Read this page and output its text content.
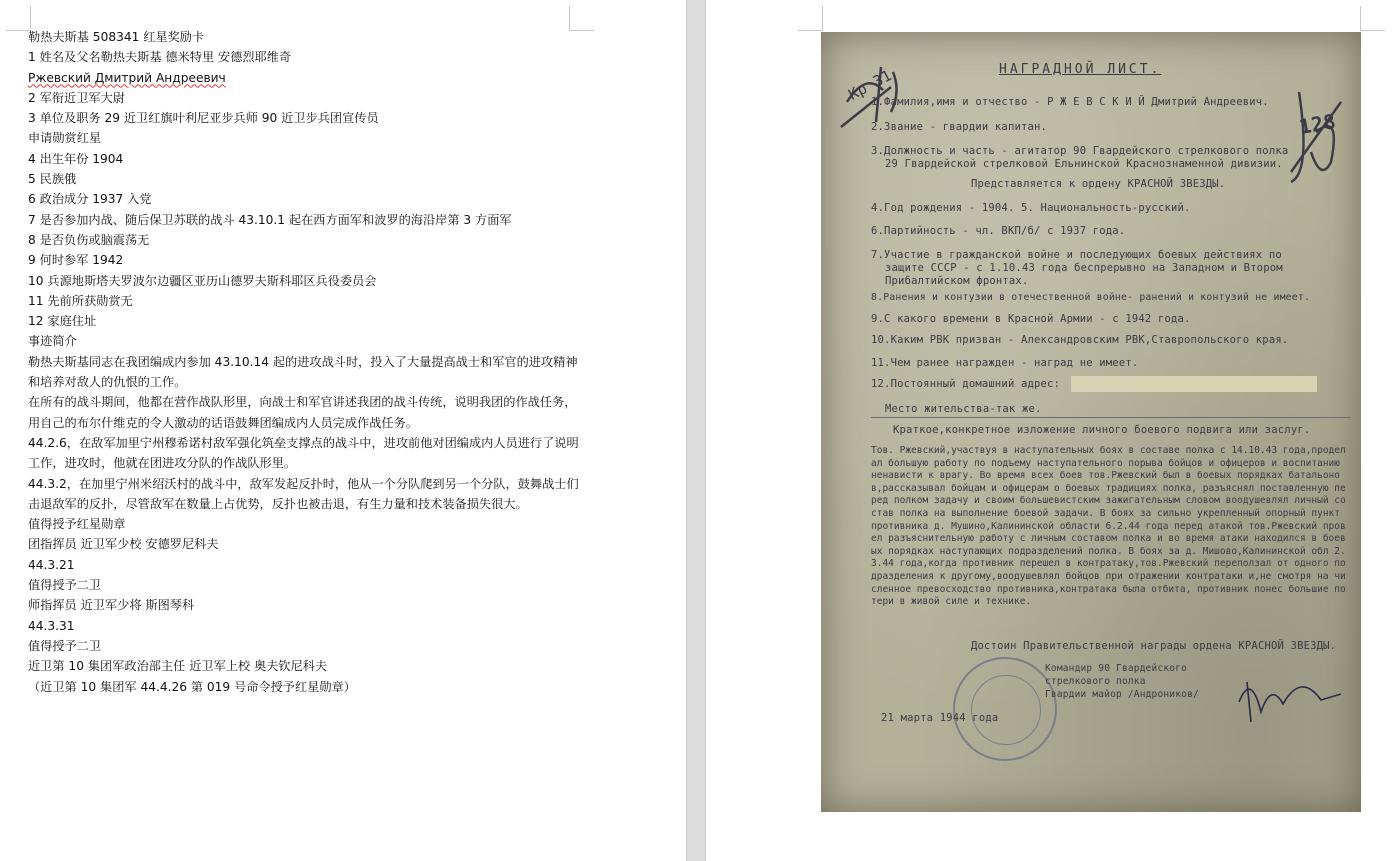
勒热夫斯基 508341 红星奖励卡
1 姓名及父名勒热夫斯基 德米特里 安德烈耶维奇
Ржевский Дмитрий Андреевич
2 军衔近卫军大尉
3 单位及职务 29 近卫红旗叶利尼亚步兵师 90 近卫步兵团宣传员
申请勋赏红星
4 出生年份 1904
5 民族俄
6 政治成分 1937 入党
7 是否参加内战、随后保卫苏联的战斗 43.10.1 起在西方面军和波罗的海沿岸第 3 方面军
8 是否负伤或脑震荡无
9 何时参军 1942
10 兵源地斯塔夫罗波尔边疆区亚历山德罗夫斯科耶区兵役委员会
11 先前所获勋赏无
12 家庭住址
事迹简介
勒热夫斯基同志在我团编成内参加 43.10.14 起的进攻战斗时，投入了大量提高战士和军官的进攻精神和培养对敌人的仇恨的工作。
在所有的战斗期间，他都在营作战队形里，向战士和军官讲述我团的战斗传统，说明我团的作战任务，用自己的布尔什维克的令人激动的话语鼓舞团编成内人员完成作战任务。
44.2.6，在敌军加里宁州穆希诺村敌军强化筑垒支撑点的战斗中，进攻前他对团编成内人员进行了说明工作，进攻时，他就在团进攻分队的作战队形里。
44.3.2，在加里宁州米绍沃村的战斗中，敌军发起反扑时，他从一个分队爬到另一个分队，鼓舞战士们击退敌军的反扑，尽管敌军在数量上占优势，反扑也被击退，有生力量和技术装备损失很大。
值得授予红星勋章
团指挥员 近卫军少校 安德罗尼科夫
44.3.21
值得授予二卫
师指挥员 近卫军少将 斯图琴科
44.3.31
值得授予二卫
近卫第 10 集团军政治部主任 近卫军上校 奥夫钦尼科夫
（近卫第 10 集团军 44.4.26 第 019 号命令授予红星勋章）
Кр 31
128
НАГРАДНОЙ ЛИСТ.
1.Фамилия,имя и отчество - Р Ж Е В С К И Й Дмитрий Андреевич.
2.Звание - гвардии капитан.
3.Должность и часть - агитатор 90 Гвардейского стрелкового полка
29 Гвардейской стрелковой Ельнинской Краснознаменной дивизии.
Представляется к ордену КРАСНОЙ ЗВЕЗДЫ.
4.Год рождения - 1904. 5. Национальность-русский.
6.Партийность - чл. ВКП/б/ с 1937 года.
7.Участие в гражданской войне и последующих боевых действиях по
защите СССР - с 1.10.43 года беспрерывно на Западном и Втором
Прибалтийском фронтах.
8.Ранения и контузии в отечественной войне- ранений и контузий не имеет.
9.С какого времени в Красной Армии - с 1942 года.
10.Каким РВК призван - Александровским РВК,Ставропольского края.
11.Чем ранее награжден - наград не имеет.
12.Постоянный домашний адрес:
Место жительства-так же.
Краткое,конкретное изложение личного боевого подвига или заслуг.
Тов. Ржевский,участвуя в наступательных боях в составе полка с 14.10.43 года,проделал большую работу по подъему наступательного порыва бойцов и офицеров и воспитанию ненависти к врагу. Во время всех боев тов.Ржевский был в боевых порядках батальонов,рассказывал бойцам и офицерам о боевых традициях полка, разъяснял поставленную перед полком задачу и своим большевистским зажигательным словом воодушевлял личный состав полка на выполнение боевой задачи. В боях за сильно укрепленный опорный пункт противника д. Мушино,Калининской области 6.2.44 года перед атакой тов.Ржевский провел разъяснительную работу с личным составом полка и во время атаки находился в боевых порядках наступающих подразделений полка. В боях за д. Мишово,Калининской обл 2.3.44 года,когда противник перешел в контратаку,тов.Ржевский переползал от одного подразделения к другому,воодушевлял бойцов при отражении контратаки и,не смотря на численное превосходство противника,контратака была отбита, противник понес большие потери в живой силе и технике.
Достоин Правительственной награды ордена КРАСНОЙ ЗВЕЗДЫ.
Командир 90 Гвардейского
стрелкового полка
Гвардии майор /Андроников/
21 марта 1944 года
